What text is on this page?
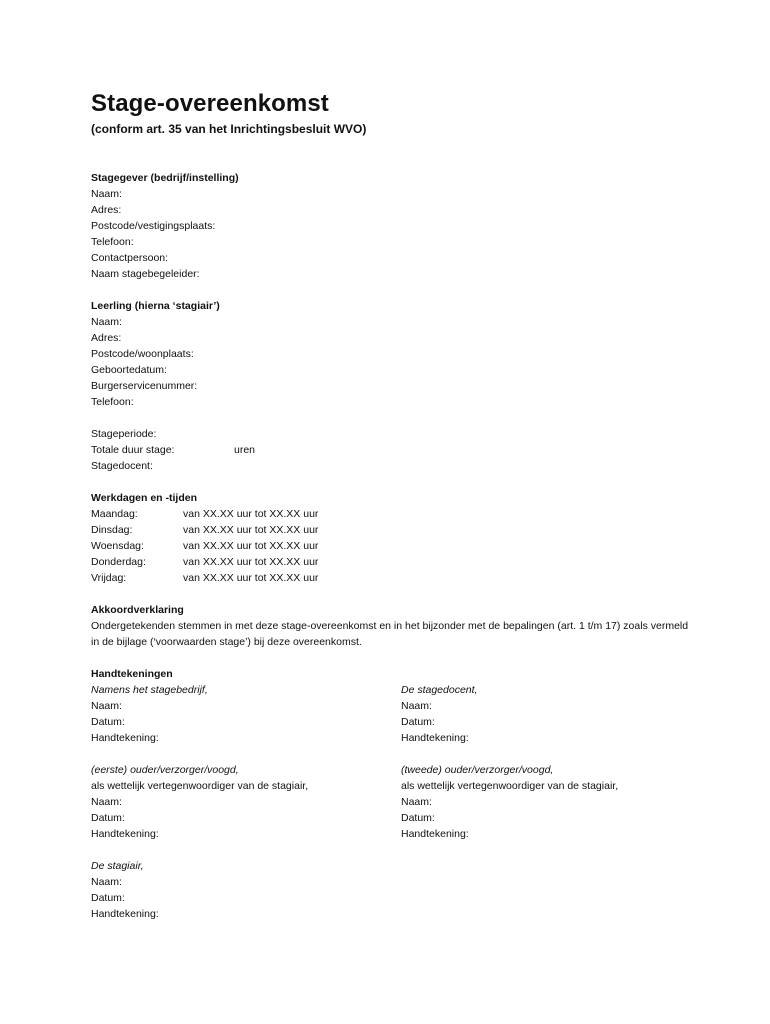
Stage-overeenkomst
(conform art. 35 van het Inrichtingsbesluit WVO)
Stagegever (bedrijf/instelling)
Naam:
Adres:
Postcode/vestigingsplaats:
Telefoon:
Contactpersoon:
Naam stagebegeleider:
Leerling (hierna ‘stagiair’)
Naam:
Adres:
Postcode/woonplaats:
Geboortedatum:
Burgerservicenummer:
Telefoon:
Stageperiode:
Totale duur stage:	uren
Stagedocent:
Werkdagen en -tijden
Maandag:	van XX.XX uur tot XX.XX uur
Dinsdag:	van XX.XX uur tot XX.XX uur
Woensdag:	van XX.XX uur tot XX.XX uur
Donderdag:	van XX.XX uur tot XX.XX uur
Vrijdag:	van XX.XX uur tot XX.XX uur
Akkoordverklaring
Ondergetekenden stemmen in met deze stage-overeenkomst en in het bijzonder met de bepalingen (art. 1 t/m 17) zoals vermeld in de bijlage (‘voorwaarden stage’) bij deze overeenkomst.
Handtekeningen
Namens het stagebedrijf,
Naam:
Datum:
Handtekening:
De stagedocent,
Naam:
Datum:
Handtekening:
(eerste) ouder/verzorger/voogd,
als wettelijk vertegenwoordiger van de stagiair,
Naam:
Datum:
Handtekening:
(tweede) ouder/verzorger/voogd,
als wettelijk vertegenwoordiger van de stagiair,
Naam:
Datum:
Handtekening:
De stagiair,
Naam:
Datum:
Handtekening:
